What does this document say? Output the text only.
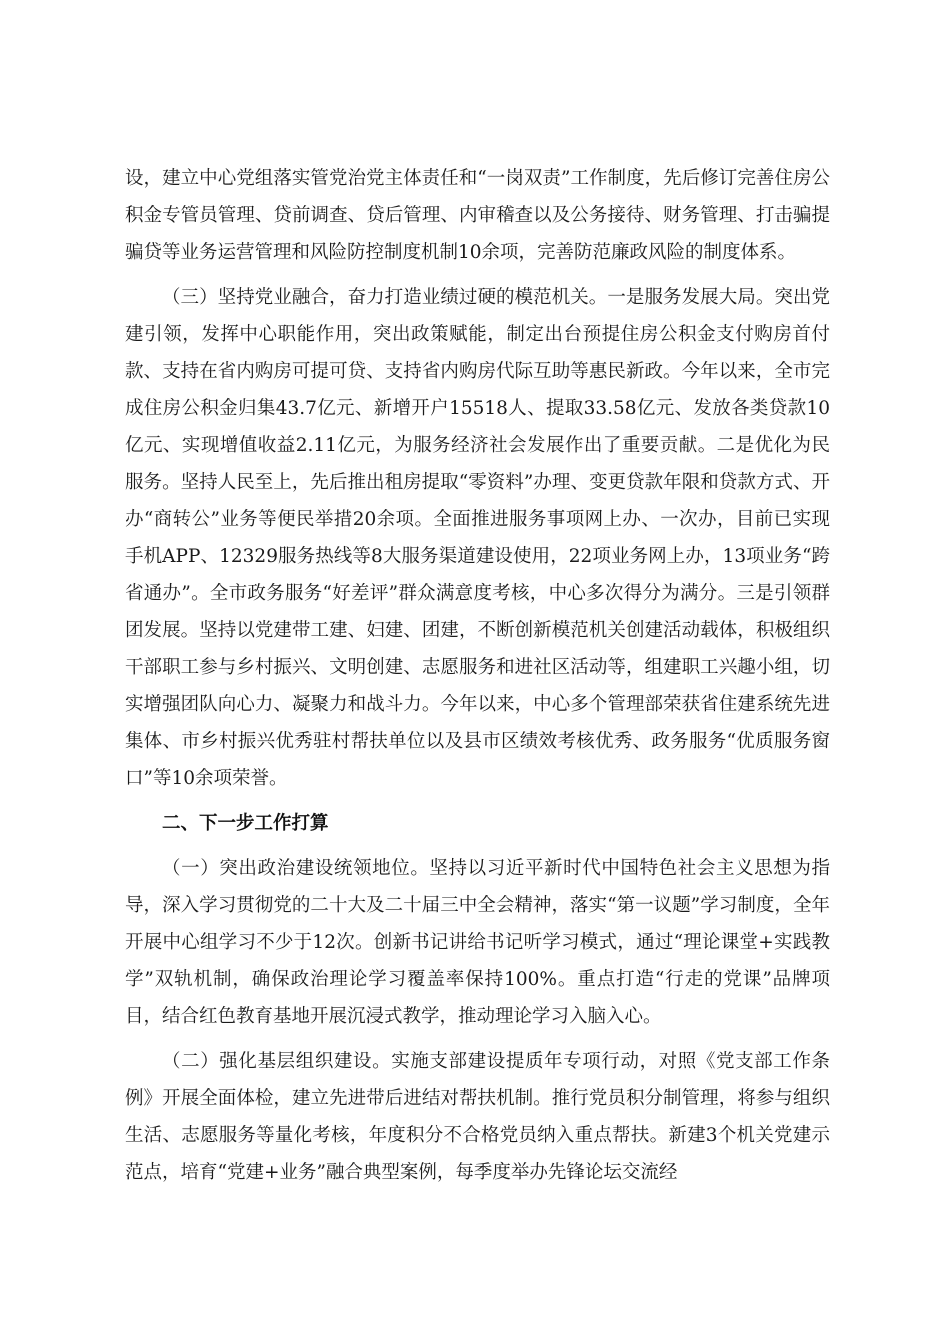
设，建立中心党组落实管党治党主体责任和“一岗双责”工作制度，先后修订完善住房公积金专管员管理、贷前调查、贷后管理、内审稽查以及公务接待、财务管理、打击骗提骗贷等业务运营管理和风险防控制度机制10余项，完善防范廉政风险的制度体系。

（三）坚持党业融合，奋力打造业绩过硬的模范机关。一是服务发展大局。突出党建引领，发挥中心职能作用，突出政策赋能，制定出台预提住房公积金支付购房首付款、支持在省内购房可提可贷、支持省内购房代际互助等惠民新政。今年以来，全市完成住房公积金归集43.7亿元、新增开户15518人、提取33.58亿元、发放各类贷款10亿元、实现增值收益2.11亿元，为服务经济社会发展作出了重要贡献。二是优化为民服务。坚持人民至上，先后推出租房提取“零资料”办理、变更贷款年限和贷款方式、开办“商转公”业务等便民举措20余项。全面推进服务事项网上办、一次办，目前已实现手机APP、12329服务热线等8大服务渠道建设使用，22项业务网上办，13项业务“跨省通办”。全市政务服务“好差评”群众满意度考核，中心多次得分为满分。三是引领群团发展。坚持以党建带工建、妇建、团建，不断创新模范机关创建活动载体，积极组织干部职工参与乡村振兴、文明创建、志愿服务和进社区活动等，组建职工兴趣小组，切实增强团队向心力、凝聚力和战斗力。今年以来，中心多个管理部荣获省住建系统先进集体、市乡村振兴优秀驻村帮扶单位以及县市区绩效考核优秀、政务服务“优质服务窗口”等10余项荣誉。

二、下一步工作打算

（一）突出政治建设统领地位。坚持以习近平新时代中国特色社会主义思想为指导，深入学习贯彻党的二十大及二十届三中全会精神，落实“第一议题”学习制度，全年开展中心组学习不少于12次。创新书记讲给书记听学习模式，通过“理论课堂+实践教学”双轨机制，确保政治理论学习覆盖率保持100%。重点打造“行走的党课”品牌项目，结合红色教育基地开展沉浸式教学，推动理论学习入脑入心。

（二）强化基层组织建设。实施支部建设提质年专项行动，对照《党支部工作条例》开展全面体检，建立先进带后进结对帮扶机制。推行党员积分制管理，将参与组织生活、志愿服务等量化考核，年度积分不合格党员纳入重点帮扶。新建3个机关党建示范点，培育“党建+业务”融合典型案例，每季度举办先锋论坛交流经
